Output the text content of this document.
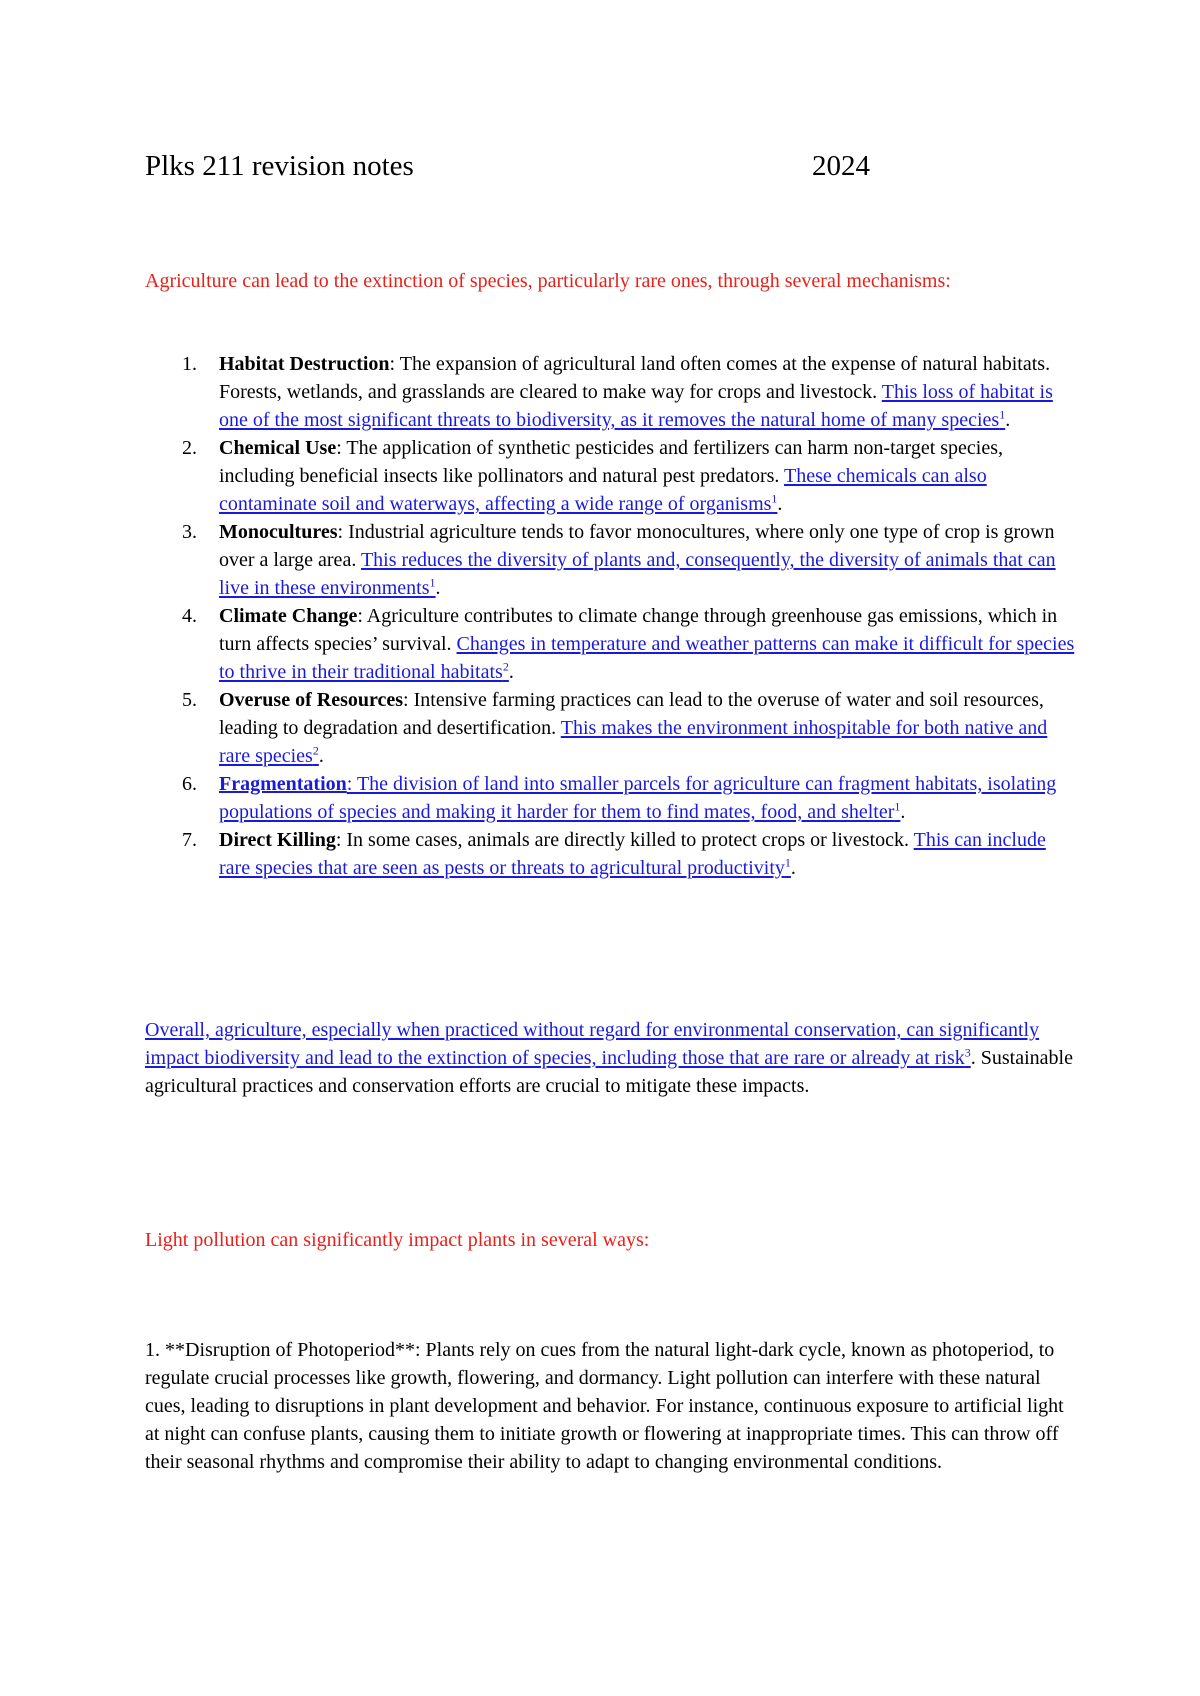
Plks 211 revision notes	2024
Agriculture can lead to the extinction of species, particularly rare ones, through several mechanisms:
1. Habitat Destruction: The expansion of agricultural land often comes at the expense of natural habitats. Forests, wetlands, and grasslands are cleared to make way for crops and livestock. This loss of habitat is one of the most significant threats to biodiversity, as it removes the natural home of many species$^1$.
2. Chemical Use: The application of synthetic pesticides and fertilizers can harm non-target species, including beneficial insects like pollinators and natural pest predators. These chemicals can also contaminate soil and waterways, affecting a wide range of organisms$^1$.
3. Monocultures: Industrial agriculture tends to favor monocultures, where only one type of crop is grown over a large area. This reduces the diversity of plants and, consequently, the diversity of animals that can live in these environments$^1$.
4. Climate Change: Agriculture contributes to climate change through greenhouse gas emissions, which in turn affects species’ survival. Changes in temperature and weather patterns can make it difficult for species to thrive in their traditional habitats$^2$.
5. Overuse of Resources: Intensive farming practices can lead to the overuse of water and soil resources, leading to degradation and desertification. This makes the environment inhospitable for both native and rare species$^2$.
6. Fragmentation: The division of land into smaller parcels for agriculture can fragment habitats, isolating populations of species and making it harder for them to find mates, food, and shelter$^1$.
7. Direct Killing: In some cases, animals are directly killed to protect crops or livestock. This can include rare species that are seen as pests or threats to agricultural productivity$^1$.
Overall, agriculture, especially when practiced without regard for environmental conservation, can significantly impact biodiversity and lead to the extinction of species, including those that are rare or already at risk$^3$. Sustainable agricultural practices and conservation efforts are crucial to mitigate these impacts.
Light pollution can significantly impact plants in several ways:
1. **Disruption of Photoperiod**: Plants rely on cues from the natural light-dark cycle, known as photoperiod, to regulate crucial processes like growth, flowering, and dormancy. Light pollution can interfere with these natural cues, leading to disruptions in plant development and behavior. For instance, continuous exposure to artificial light at night can confuse plants, causing them to initiate growth or flowering at inappropriate times. This can throw off their seasonal rhythms and compromise their ability to adapt to changing environmental conditions.
